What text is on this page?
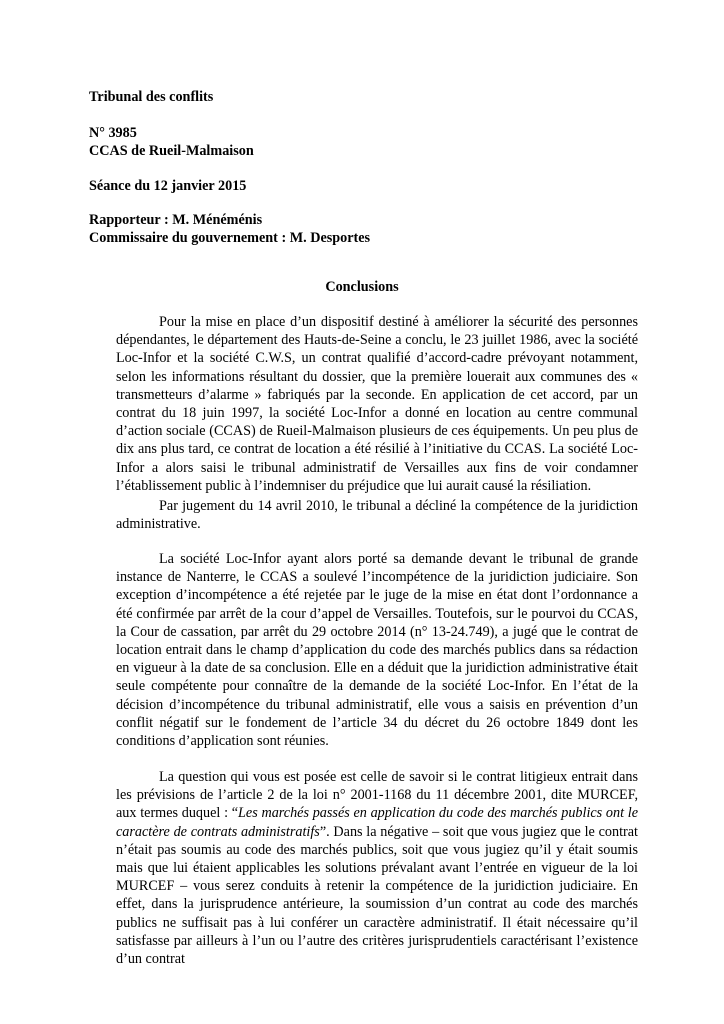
Tribunal des conflits
N° 3985
CCAS de Rueil-Malmaison
Séance du 12 janvier 2015
Rapporteur : M. Ménéménis
Commissaire du gouvernement : M. Desportes
Conclusions

Pour la mise en place d’un dispositif destiné à améliorer la sécurité des personnes dépendantes, le département des Hauts-de-Seine a conclu, le 23 juillet 1986, avec la société Loc-Infor et la société C.W.S, un contrat qualifié d’accord-cadre prévoyant notamment, selon les informations résultant du dossier, que la première louerait aux communes des « transmetteurs d’alarme » fabriqués par la seconde. En application de cet accord, par un contrat du 18 juin 1997, la société Loc-Infor a donné en location au centre communal d’action sociale (CCAS) de Rueil-Malmaison plusieurs de ces équipements. Un peu plus de dix ans plus tard, ce contrat de location a été résilié à l’initiative du CCAS. La société Loc-Infor a alors saisi le tribunal administratif de Versailles aux fins de voir condamner l’établissement public à l’indemniser du préjudice que lui aurait causé la résiliation.

Par jugement du 14 avril 2010, le tribunal a décliné la compétence de la juridiction administrative.

La société Loc-Infor ayant alors porté sa demande devant le tribunal de grande instance de Nanterre, le CCAS a soulevé l’incompétence de la juridiction judiciaire. Son exception d’incompétence a été rejetée par le juge de la mise en état dont l’ordonnance a été confirmée par arrêt de la cour d’appel de Versailles. Toutefois, sur le pourvoi du CCAS, la Cour de cassation, par arrêt du 29 octobre 2014 (n° 13-24.749), a jugé que le contrat de location entrait dans le champ d’application du code des marchés publics dans sa rédaction en vigueur à la date de sa conclusion. Elle en a déduit que la juridiction administrative était seule compétente pour connaître de la demande de la société Loc-Infor. En l’état de la décision d’incompétence du tribunal administratif, elle vous a saisis en prévention d’un conflit négatif sur le fondement de l’article 34 du décret du 26 octobre 1849 dont les conditions d’application sont réunies.

La question qui vous est posée est celle de savoir si le contrat litigieux entrait dans les prévisions de l’article 2 de la loi n° 2001-1168 du 11 décembre 2001, dite MURCEF, aux termes duquel : “Les marchés passés en application du code des marchés publics ont le caractère de contrats administratifs”. Dans la négative – soit que vous jugiez que le contrat n’était pas soumis au code des marchés publics, soit que vous jugiez qu’il y était soumis mais que lui étaient applicables les solutions prévalant avant l’entrée en vigueur de la loi MURCEF – vous serez conduits à retenir la compétence de la juridiction judiciaire. En effet, dans la jurisprudence antérieure, la soumission d’un contrat au code des marchés publics ne suffisait pas à lui conférer un caractère administratif. Il était nécessaire qu’il satisfasse par ailleurs à l’un ou l’autre des critères jurisprudentiels caractérisant l’existence d’un contrat
